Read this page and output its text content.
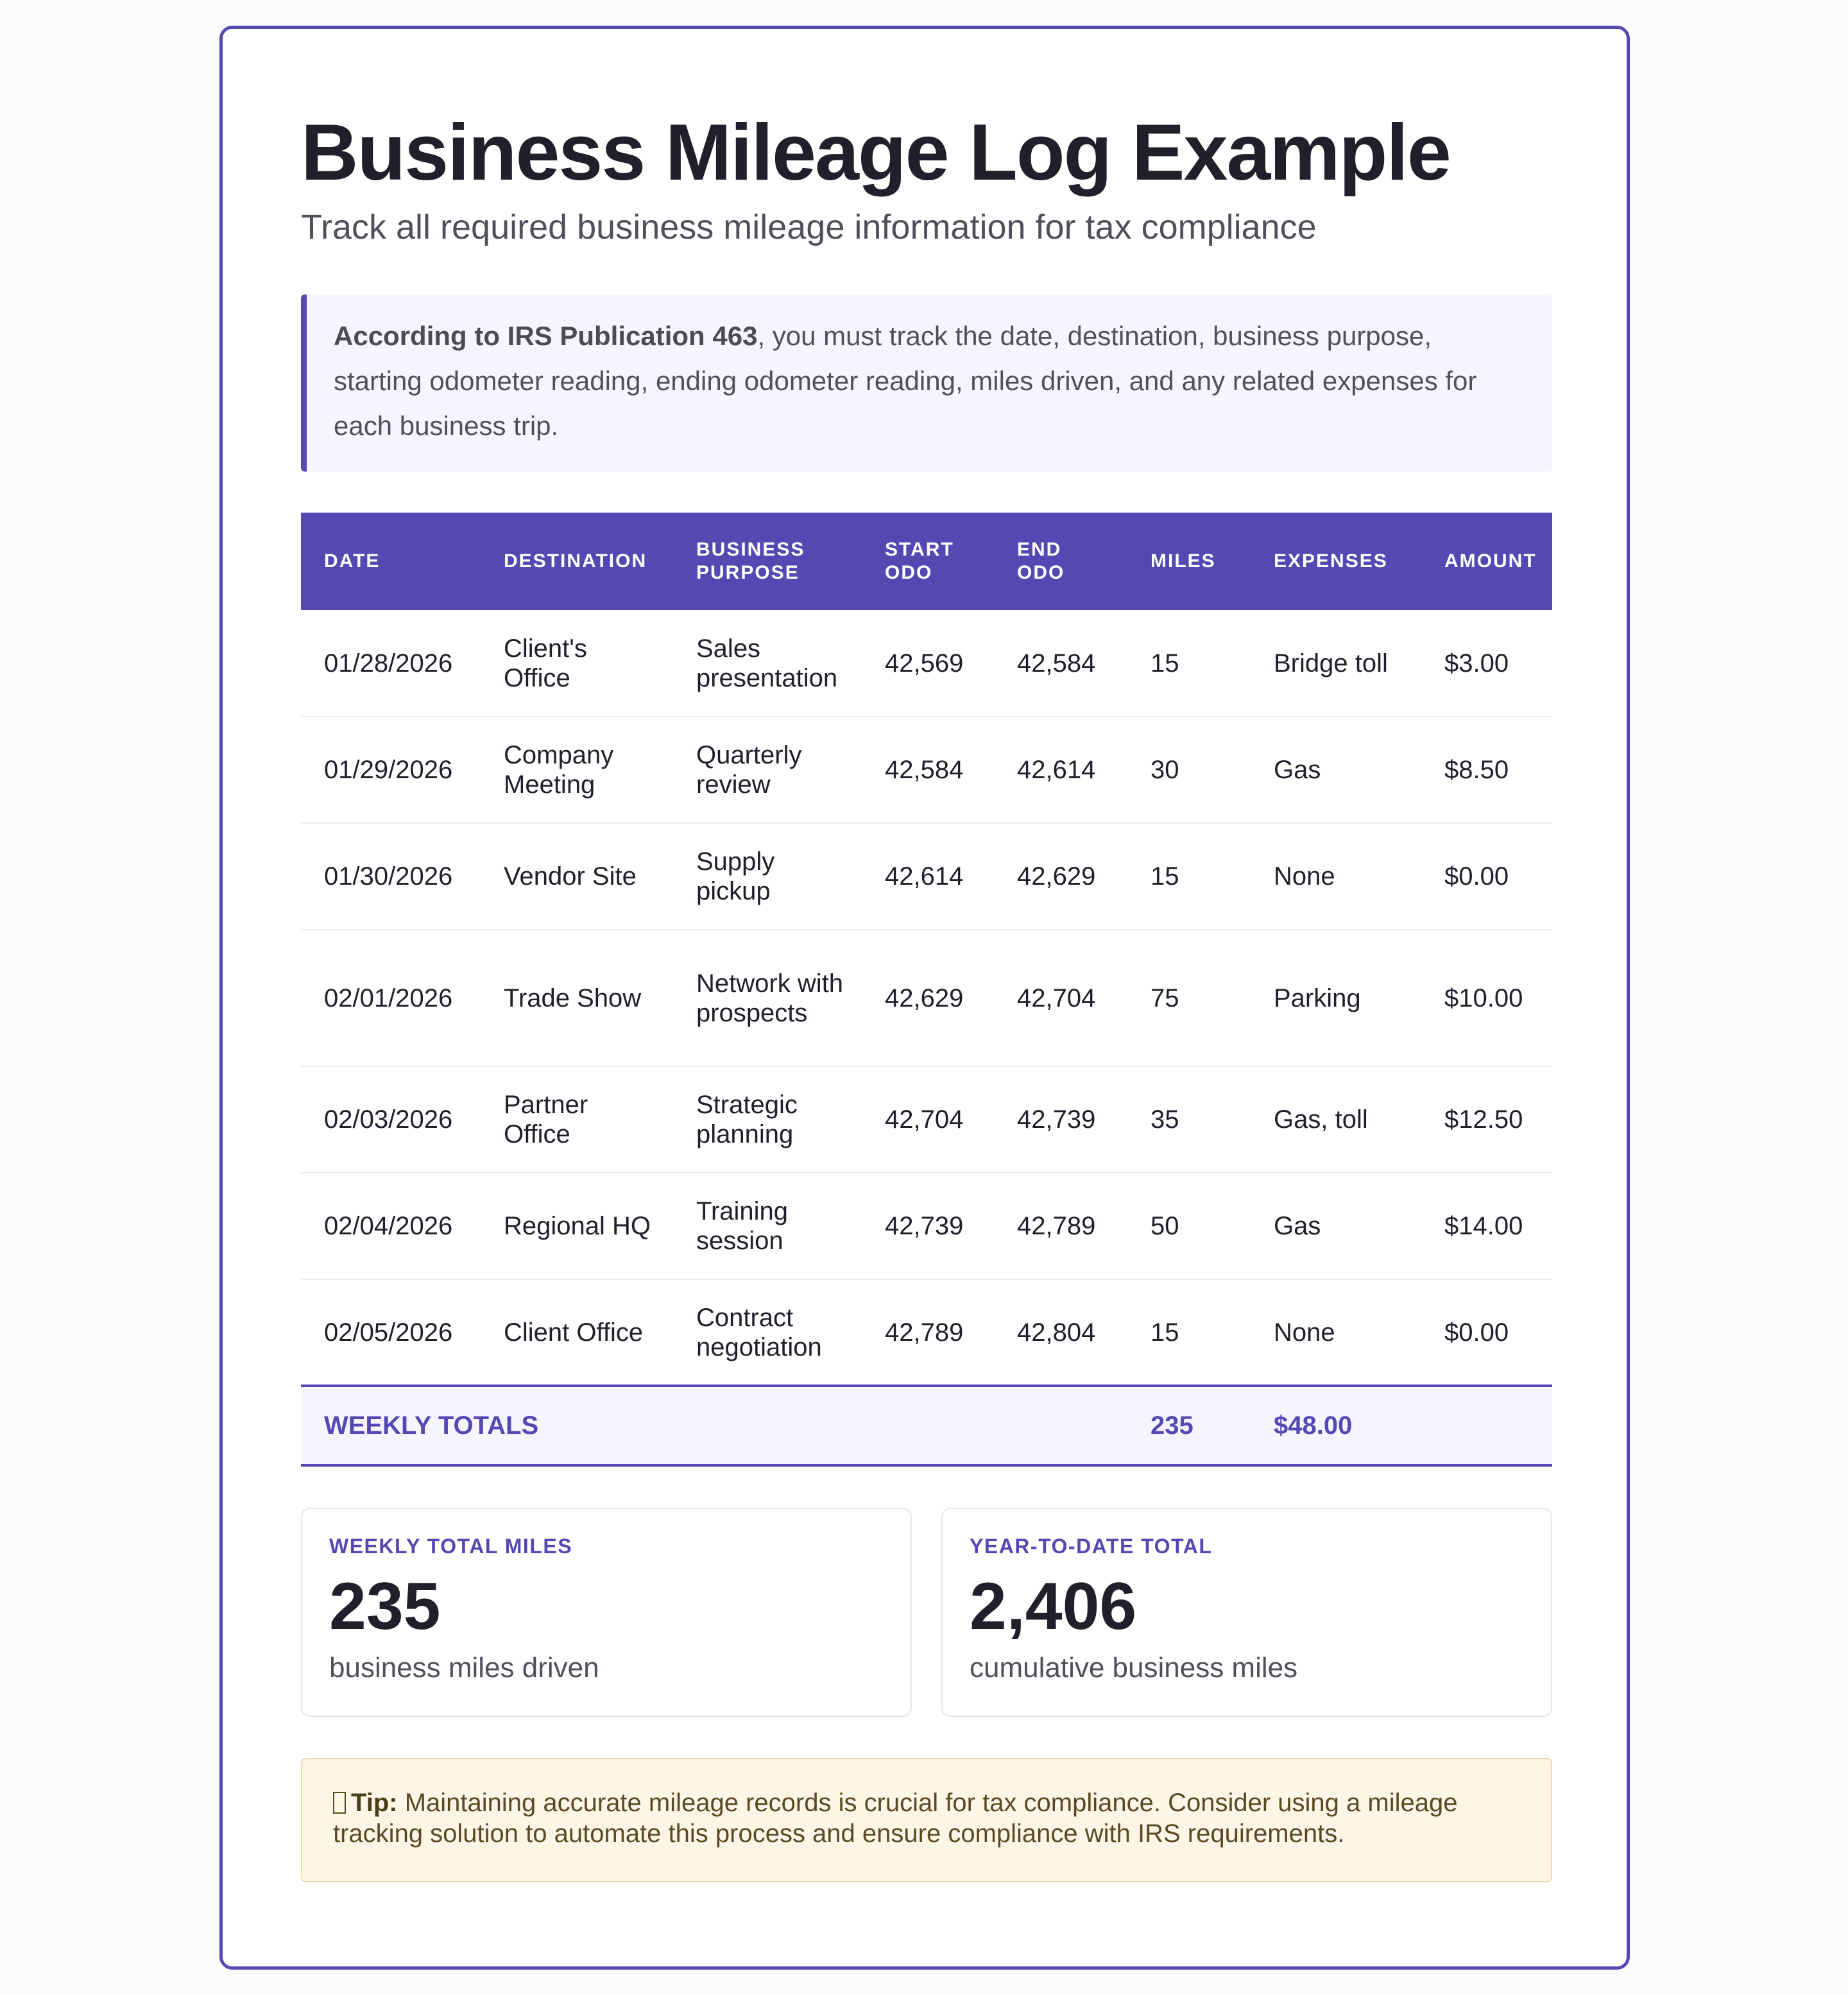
Business Mileage Log Example

Track all required business mileage information for tax compliance

According to IRS Publication 463, you must track the date, destination, business purpose, starting odometer reading, ending odometer reading, miles driven, and any related expenses for each business trip.
DATE	DESTINATION	BUSINESS PURPOSE	START ODO	END ODO	MILES	EXPENSES	AMOUNT
01/28/2026	Client's Office	Sales presentation	42,569	42,584	15	Bridge toll	$3.00
01/29/2026	Company Meeting	Quarterly review	42,584	42,614	30	Gas	$8.50
01/30/2026	Vendor Site	Supply pickup	42,614	42,629	15	None	$0.00
02/01/2026	Trade Show	Network with prospects	42,629	42,704	75	Parking	$10.00
02/03/2026	Partner Office	Strategic planning	42,704	42,739	35	Gas, toll	$12.50
02/04/2026	Regional HQ	Training session	42,739	42,789	50	Gas	$14.00
02/05/2026	Client Office	Contract negotiation	42,789	42,804	15	None	$0.00
WEEKLY TOTALS					235	$48.00	
WEEKLY TOTAL MILES
235
business miles driven
YEAR-TO-DATE TOTAL
2,406
cumulative business miles
Tip: Maintaining accurate mileage records is crucial for tax compliance. Consider using a mileage tracking solution to automate this process and ensure compliance with IRS requirements.
